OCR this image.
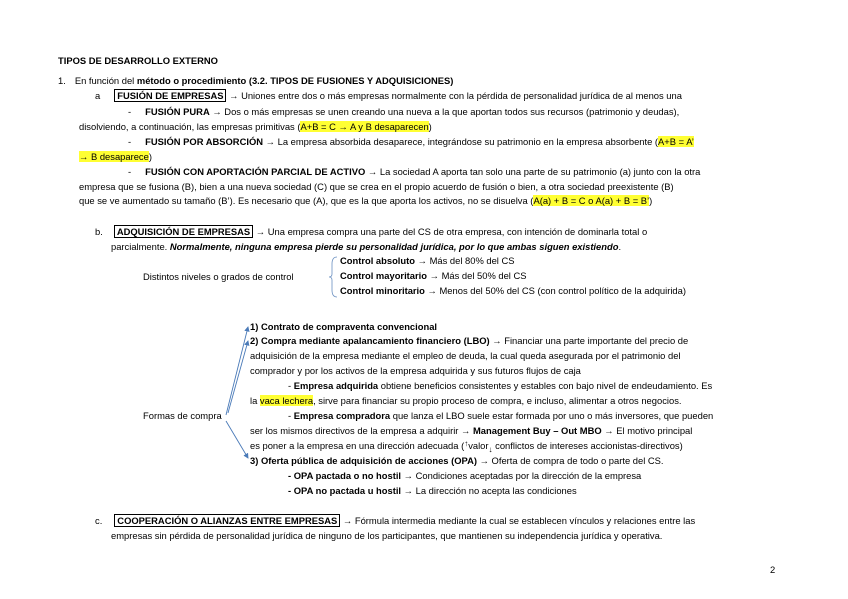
TIPOS DE DESARROLLO EXTERNO
1. En función del método o procedimiento (3.2. TIPOS DE FUSIONES Y ADQUISICIONES)
a FUSIÓN DE EMPRESAS → Uniones entre dos o más empresas normalmente con la pérdida de personalidad jurídica de al menos una
- FUSIÓN PURA → Dos o más empresas se unen creando una nueva a la que aportan todos sus recursos (patrimonio y deudas),
disolviendo, a continuación, las empresas primitivas (A+B = C → A y B desaparecen)
- FUSIÓN POR ABSORCIÓN → La empresa absorbida desaparece, integrándose su patrimonio en la empresa absorbente (A+B = A’
→ B desaparece)
- FUSIÓN CON APORTACIÓN PARCIAL DE ACTIVO → La sociedad A aporta tan solo una parte de su patrimonio (a) junto con la otra
empresa que se fusiona (B), bien a una nueva sociedad (C) que se crea en el propio acuerdo de fusión o bien, a otra sociedad preexistente (B)
que se ve aumentado su tamaño (B’). Es necesario que (A), que es la que aporta los activos, no se disuelva (A(a) + B = C o A(a) + B = B’)
b. ADQUISICIÓN DE EMPRESAS → Una empresa compra una parte del CS de otra empresa, con intención de dominarla total o
parcialmente. Normalmente, ninguna empresa pierde su personalidad jurídica, por lo que ambas siguen existiendo.
Distintos niveles o grados de control
Control absoluto → Más del 80% del CS
Control mayoritario → Más del 50% del CS
Control minoritario → Menos del 50% del CS (con control político de la adquirida)
Formas de compra
1) Contrato de compraventa convencional
2) Compra mediante apalancamiento financiero (LBO) → Financiar una parte importante del precio de
adquisición de la empresa mediante el empleo de deuda, la cual queda asegurada por el patrimonio del
comprador y por los activos de la empresa adquirida y sus futuros flujos de caja
- Empresa adquirida obtiene beneficios consistentes y estables con bajo nivel de endeudamiento. Es
la vaca lechera, sirve para financiar su propio proceso de compra, e incluso, alimentar a otros negocios.
- Empresa compradora que lanza el LBO suele estar formada por uno o más inversores, que pueden
ser los mismos directivos de la empresa a adquirir → Management Buy – Out MBO → El motivo principal
es poner a la empresa en una dirección adecuada (↑valor↓ conflictos de intereses accionistas-directivos)
3) Oferta pública de adquisición de acciones (OPA) → Oferta de compra de todo o parte del CS.
- OPA pactada o no hostil → Condiciones aceptadas por la dirección de la empresa
- OPA no pactada u hostil → La dirección no acepta las condiciones
c. COOPERACIÓN O ALIANZAS ENTRE EMPRESAS → Fórmula intermedia mediante la cual se establecen vínculos y relaciones entre las
empresas sin pérdida de personalidad jurídica de ninguno de los participantes, que mantienen su independencia jurídica y operativa.
2
